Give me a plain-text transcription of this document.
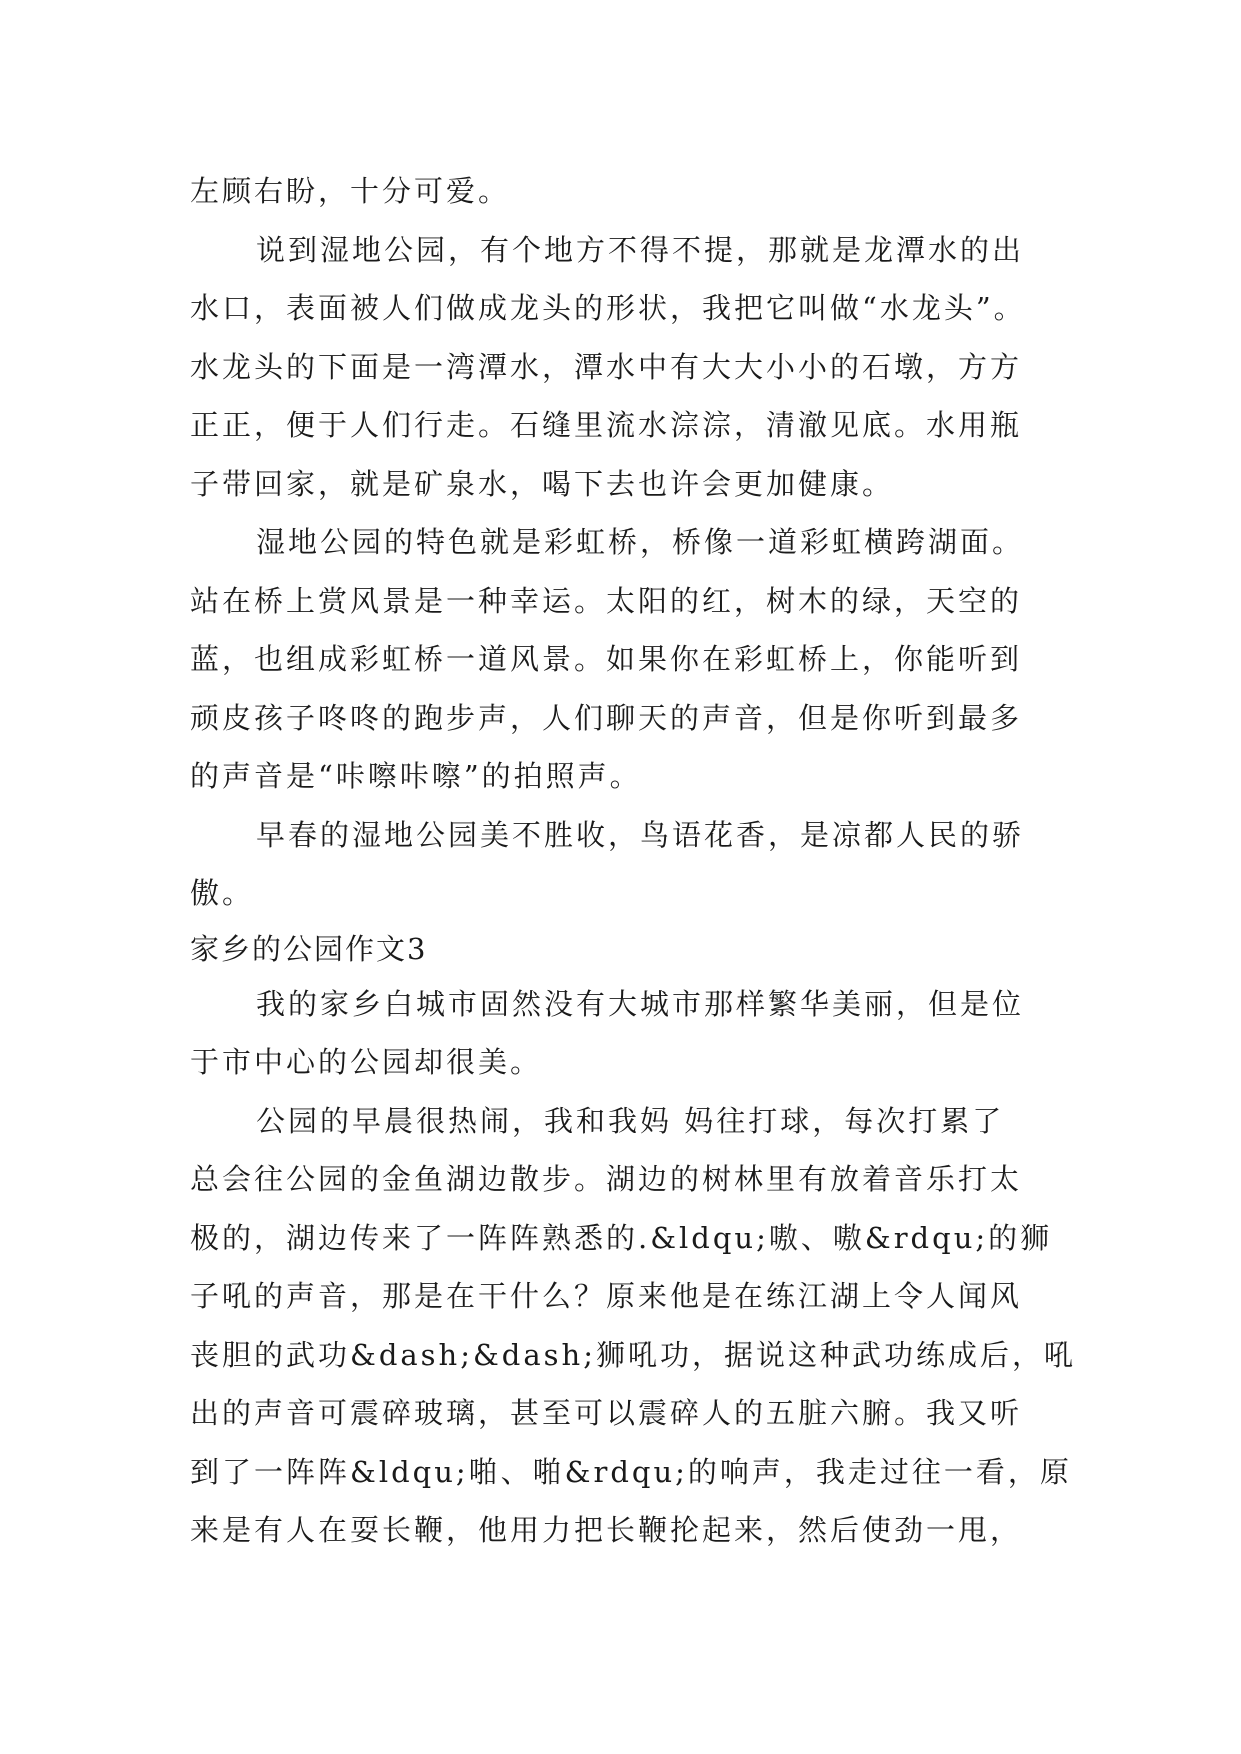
左顾右盼，十分可爱。
说到湿地公园，有个地方不得不提，那就是龙潭水的出
水口，表面被人们做成龙头的形状，我把它叫做“水龙头”。
水龙头的下面是一湾潭水，潭水中有大大小小的石墩，方方
正正，便于人们行走。石缝里流水淙淙，清澈见底。水用瓶
子带回家，就是矿泉水，喝下去也许会更加健康。
湿地公园的特色就是彩虹桥，桥像一道彩虹横跨湖面。
站在桥上赏风景是一种幸运。太阳的红，树木的绿，天空的
蓝，也组成彩虹桥一道风景。如果你在彩虹桥上，你能听到
顽皮孩子咚咚的跑步声，人们聊天的声音，但是你听到最多
的声音是“咔嚓咔嚓”的拍照声。
早春的湿地公园美不胜收，鸟语花香，是凉都人民的骄
傲。
家乡的公园作文3
我的家乡白城市固然没有大城市那样繁华美丽，但是位
于市中心的公园却很美。
公园的早晨很热闹，我和我妈 妈往打球，每次打累了
总会往公园的金鱼湖边散步。湖边的树林里有放着音乐打太
极的，湖边传来了一阵阵熟悉的.&ldqu;嗷、嗷&rdqu;的狮
子吼的声音，那是在干什么？原来他是在练江湖上令人闻风
丧胆的武功&dash;&dash;狮吼功，据说这种武功练成后，吼
出的声音可震碎玻璃，甚至可以震碎人的五脏六腑。我又听
到了一阵阵&ldqu;啪、啪&rdqu;的响声，我走过往一看，原
来是有人在耍长鞭，他用力把长鞭抡起来，然后使劲一甩，
